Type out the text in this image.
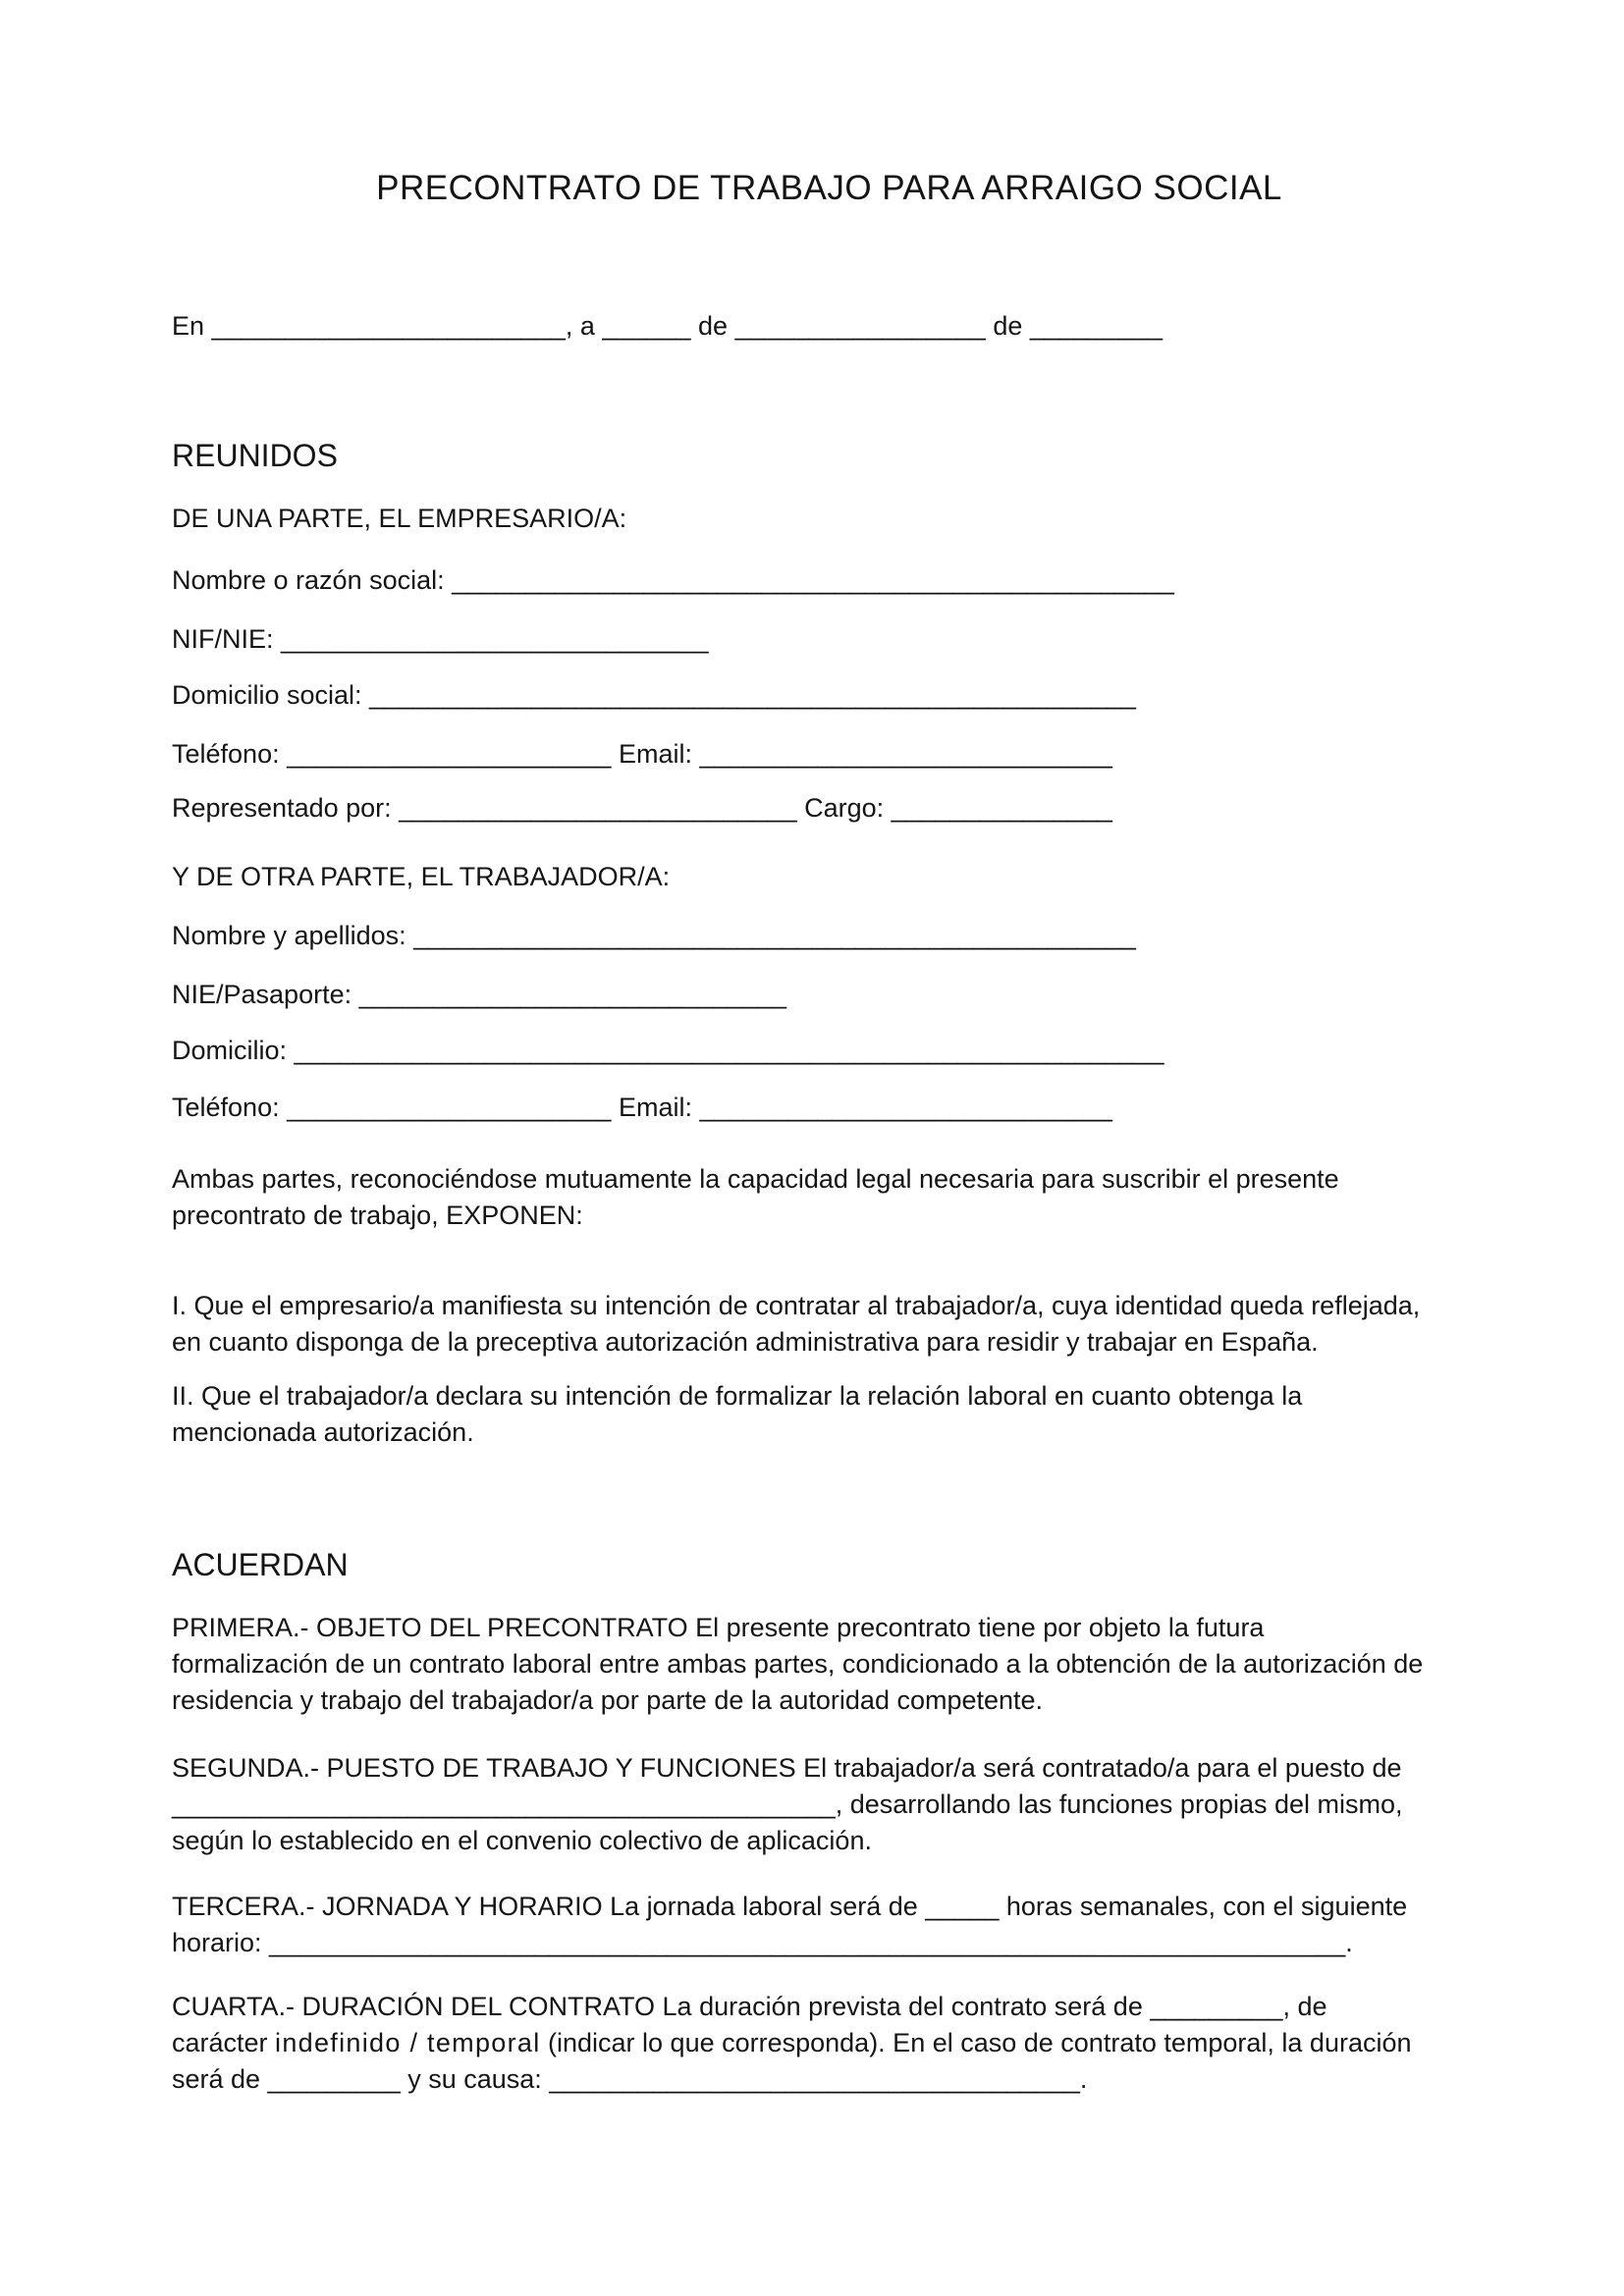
PRECONTRATO DE TRABAJO PARA ARRAIGO SOCIAL

En ________________________, a ______ de _________________ de _________

REUNIDOS

DE UNA PARTE, EL EMPRESARIO/A:

Nombre o razón social: _________________________________________________

NIF/NIE: _____________________________

Domicilio social: ____________________________________________________

Teléfono: ______________________ Email: ____________________________

Representado por: ___________________________ Cargo: _______________

Y DE OTRA PARTE, EL TRABAJADOR/A:

Nombre y apellidos: _________________________________________________

NIE/Pasaporte: _____________________________

Domicilio: ___________________________________________________________

Teléfono: ______________________ Email: ____________________________

Ambas partes, reconociéndose mutuamente la capacidad legal necesaria para suscribir el presente
precontrato de trabajo, EXPONEN:
I. Que el empresario/a manifiesta su intención de contratar al trabajador/a, cuya identidad queda reflejada,
en cuanto disponga de la preceptiva autorización administrativa para residir y trabajar en España.
II. Que el trabajador/a declara su intención de formalizar la relación laboral en cuanto obtenga la
mencionada autorización.
ACUERDAN
PRIMERA.- OBJETO DEL PRECONTRATO El presente precontrato tiene por objeto la futura
formalización de un contrato laboral entre ambas partes, condicionado a la obtención de la autorización de
residencia y trabajo del trabajador/a por parte de la autoridad competente.
SEGUNDA.- PUESTO DE TRABAJO Y FUNCIONES El trabajador/a será contratado/a para el puesto de
_____________________________________________, desarrollando las funciones propias del mismo,
según lo establecido en el convenio colectivo de aplicación.
TERCERA.- JORNADA Y HORARIO La jornada laboral será de _____ horas semanales, con el siguiente
horario: _________________________________________________________________________.
CUARTA.- DURACIÓN DEL CONTRATO La duración prevista del contrato será de _________, de
carácter indefinido / temporal (indicar lo que corresponda). En el caso de contrato temporal, la duración
será de _________ y su causa: ____________________________________.
